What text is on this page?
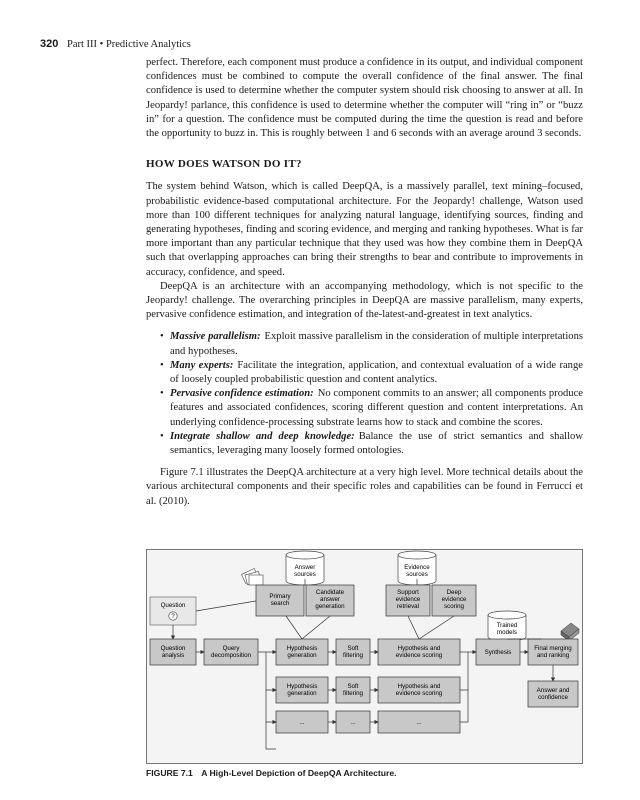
320 Part III • Predictive Analytics

perfect. Therefore, each component must produce a confidence in its output, and individual component confidences must be combined to compute the overall confidence of the final answer. The final confidence is used to determine whether the computer system should risk choosing to answer at all. In Jeopardy! parlance, this confidence is used to determine whether the computer will “ring in” or “buzz in” for a question. The confidence must be computed during the time the question is read and before the opportunity to buzz in. This is roughly between 1 and 6 seconds with an average around 3 seconds.

HOW DOES WATSON DO IT?

The system behind Watson, which is called DeepQA, is a massively parallel, text mining–focused, probabilistic evidence-based computational architecture. For the Jeopardy! challenge, Watson used more than 100 different techniques for analyzing natural language, identifying sources, finding and generating hypotheses, finding and scoring evidence, and merging and ranking hypotheses. What is far more important than any particular technique that they used was how they combine them in DeepQA such that overlapping approaches can bring their strengths to bear and contribute to improvements in accuracy, confidence, and speed.

DeepQA is an architecture with an accompanying methodology, which is not specific to the Jeopardy! challenge. The overarching principles in DeepQA are massive parallelism, many experts, pervasive confidence estimation, and integration of the-latest-and-greatest in text analytics.

• Massive parallelism: Exploit massive parallelism in the consideration of multiple interpretations and hypotheses.
• Many experts: Facilitate the integration, application, and contextual evaluation of a wide range of loosely coupled probabilistic question and content analytics.
• Pervasive confidence estimation: No component commits to an answer; all components produce features and associated confidences, scoring different question and content interpretations. An underlying confidence-processing substrate learns how to stack and combine the scores.
• Integrate shallow and deep knowledge: Balance the use of strict semantics and shallow semantics, leveraging many loosely formed ontologies.

Figure 7.1 illustrates the DeepQA architecture at a very high level. More technical details about the various architectural components and their specific roles and capabilities can be found in Ferrucci et al. (2010).

Answer sources
Evidence sources
Primary search
Candidate answer generation
Support evidence retrieval
Deep evidence scoring
Question
?
Trained models
Question analysis
Query decomposition
Hypothesis generation
Soft filtering
Hypothesis and evidence scoring	Synthesis
Final merging and ranking
Hypothesis generation
Soft filtering
Hypothesis and evidence scoring	Answer and confidence
...	...	...
FIGURE 7.1 A High-Level Depiction of DeepQA Architecture.
